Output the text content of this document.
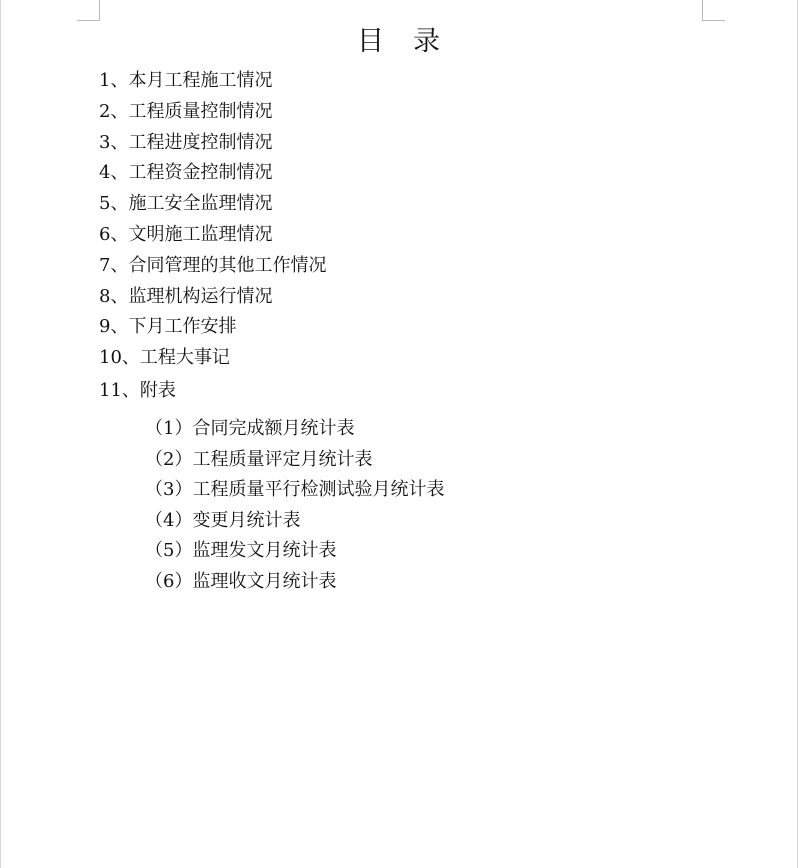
目 录
1、本月工程施工情况
2、工程质量控制情况
3、工程进度控制情况
4、工程资金控制情况
5、施工安全监理情况
6、文明施工监理情况
7、合同管理的其他工作情况
8、监理机构运行情况
9、下月工作安排
10、工程大事记
11、附表
（1）合同完成额月统计表
（2）工程质量评定月统计表
（3）工程质量平行检测试验月统计表
（4）变更月统计表
（5）监理发文月统计表
（6）监理收文月统计表
